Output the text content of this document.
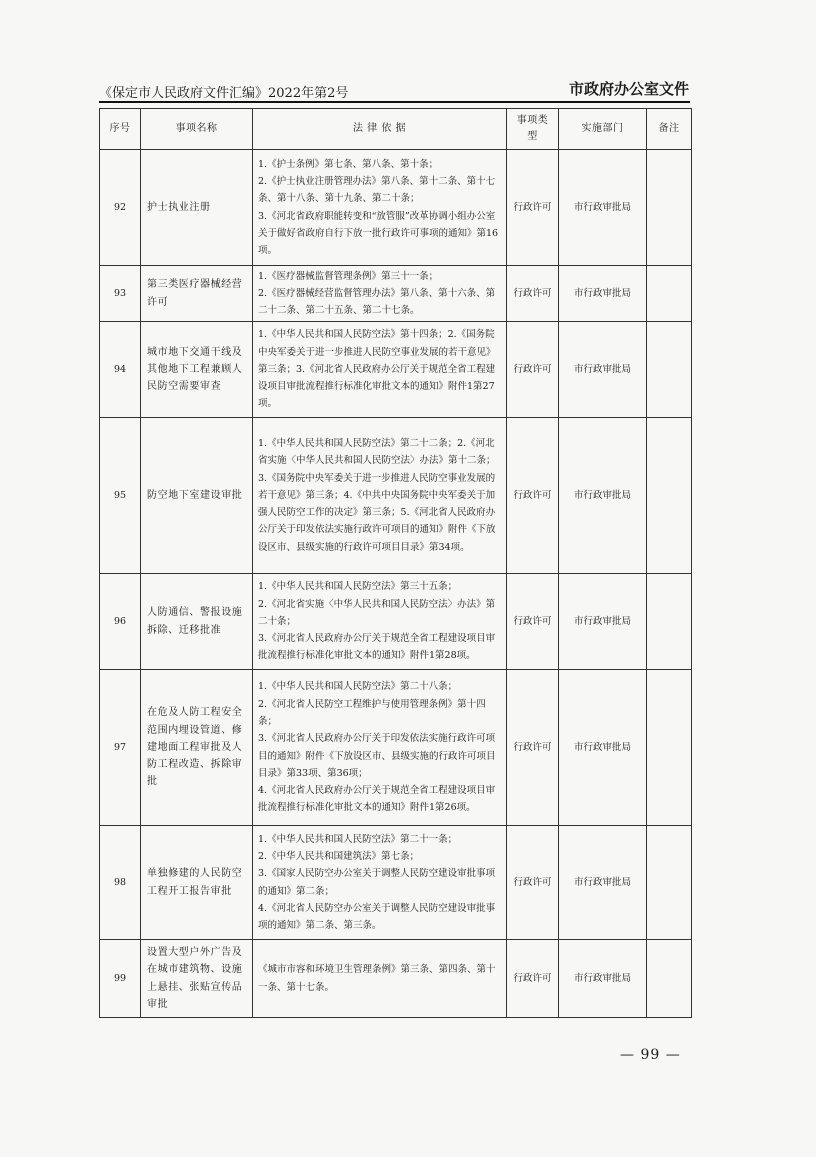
《保定市人民政府文件汇编》2022年第2号	市政府办公室文件
序号	事项名称	法 律 依 据	事项类型	实施部门	备注
92	护士执业注册	1.《护士条例》第七条、第八条、第十条；
2.《护士执业注册管理办法》第八条、第十二条、第十七条、第十八条、第十九条、第二十条；
3.《河北省政府职能转变和“放管服”改革协调小组办公室关于做好省政府自行下放一批行政许可事项的通知》第16项。	行政许可	市行政审批局	
93	第三类医疗器械经营许可	1.《医疗器械监督管理条例》第三十一条；
2.《医疗器械经营监督管理办法》第八条、第十六条、第二十二条、第二十五条、第二十七条。	行政许可	市行政审批局	
94	城市地下交通干线及其他地下工程兼顾人民防空需要审查	1.《中华人民共和国人民防空法》第十四条；2.《国务院中央军委关于进一步推进人民防空事业发展的若干意见》第三条；3.《河北省人民政府办公厅关于规范全省工程建设项目审批流程推行标准化审批文本的通知》附件1第27项。	行政许可	市行政审批局	
95	防空地下室建设审批	1.《中华人民共和国人民防空法》第二十二条；2.《河北省实施〈中华人民共和国人民防空法〉办法》第十二条；3.《国务院中央军委关于进一步推进人民防空事业发展的若干意见》第三条；4.《中共中央国务院中央军委关于加强人民防空工作的决定》第三条；5.《河北省人民政府办公厅关于印发依法实施行政许可项目的通知》附件《下放设区市、县级实施的行政许可项目目录》第34项。	行政许可	市行政审批局	
96	人防通信、警报设施拆除、迁移批准	1.《中华人民共和国人民防空法》第三十五条；
2.《河北省实施〈中华人民共和国人民防空法〉办法》第二十条；
3.《河北省人民政府办公厅关于规范全省工程建设项目审批流程推行标准化审批文本的通知》附件1第28项。	行政许可	市行政审批局	
97	在危及人防工程安全范围内埋设管道、修建地面工程审批及人防工程改造、拆除审批	1.《中华人民共和国人民防空法》第二十八条；
2.《河北省人民防空工程维护与使用管理条例》第十四条；
3.《河北省人民政府办公厅关于印发依法实施行政许可项目的通知》附件《下放设区市、县级实施的行政许可项目目录》第33项、第36项；
4.《河北省人民政府办公厅关于规范全省工程建设项目审批流程推行标准化审批文本的通知》附件1第26项。	行政许可	市行政审批局	
98	单独修建的人民防空工程开工报告审批	1.《中华人民共和国人民防空法》第二十一条；
2.《中华人民共和国建筑法》第七条；
3.《国家人民防空办公室关于调整人民防空建设审批事项的通知》第二条；
4.《河北省人民防空办公室关于调整人民防空建设审批事项的通知》第二条、第三条。	行政许可	市行政审批局	
99	设置大型户外广告及在城市建筑物、设施上悬挂、张贴宣传品审批	《城市市容和环境卫生管理条例》第三条、第四条、第十一条、第十七条。	行政许可	市行政审批局	
— 99 —
